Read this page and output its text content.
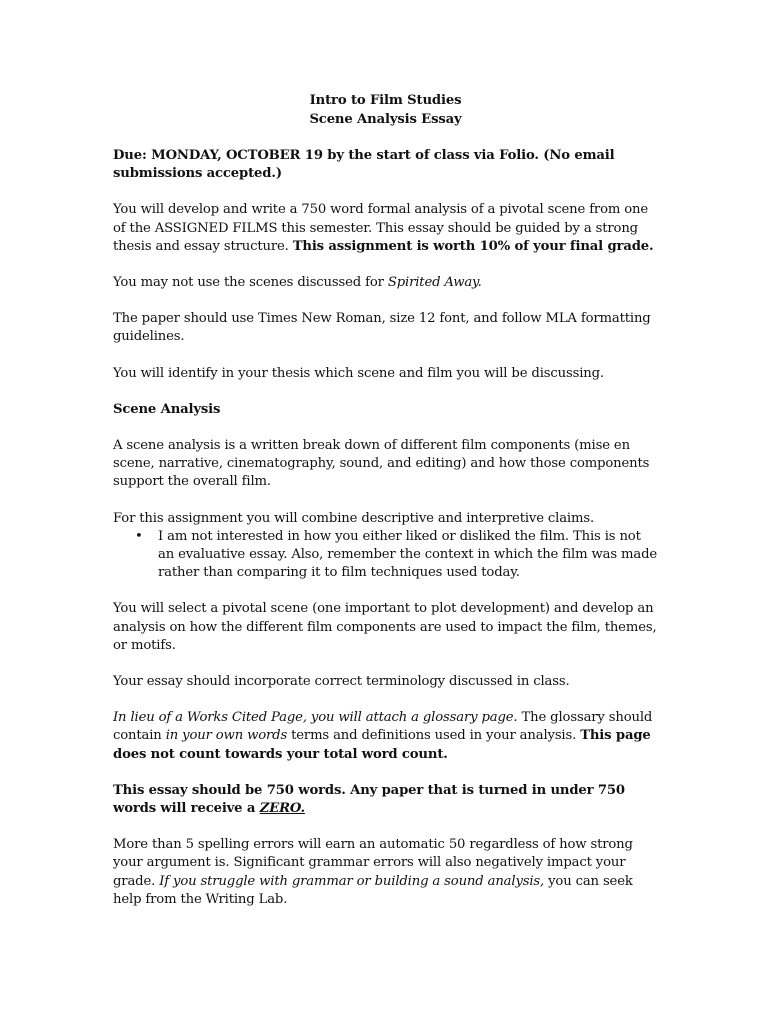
Intro to Film Studies
Scene Analysis Essay

Due: MONDAY, OCTOBER 19 by the start of class via Folio. (No email submissions accepted.)

You will develop and write a 750 word formal analysis of a pivotal scene from one of the ASSIGNED FILMS this semester. This essay should be guided by a strong thesis and essay structure. This assignment is worth 10% of your final grade.

You may not use the scenes discussed for Spirited Away.

The paper should use Times New Roman, size 12 font, and follow MLA formatting guidelines.

You will identify in your thesis which scene and film you will be discussing.

Scene Analysis

A scene analysis is a written break down of different film components (mise en scene, narrative, cinematography, sound, and editing) and how those components support the overall film.

For this assignment you will combine descriptive and interpretive claims.

• I am not interested in how you either liked or disliked the film. This is not an evaluative essay. Also, remember the context in which the film was made rather than comparing it to film techniques used today.

You will select a pivotal scene (one important to plot development) and develop an analysis on how the different film components are used to impact the film, themes, or motifs.

Your essay should incorporate correct terminology discussed in class.

In lieu of a Works Cited Page, you will attach a glossary page. The glossary should contain in your own words terms and definitions used in your analysis. This page does not count towards your total word count.

This essay should be 750 words. Any paper that is turned in under 750 words will receive a ZERO.

More than 5 spelling errors will earn an automatic 50 regardless of how strong your argument is. Significant grammar errors will also negatively impact your grade. If you struggle with grammar or building a sound analysis, you can seek help from the Writing Lab.
